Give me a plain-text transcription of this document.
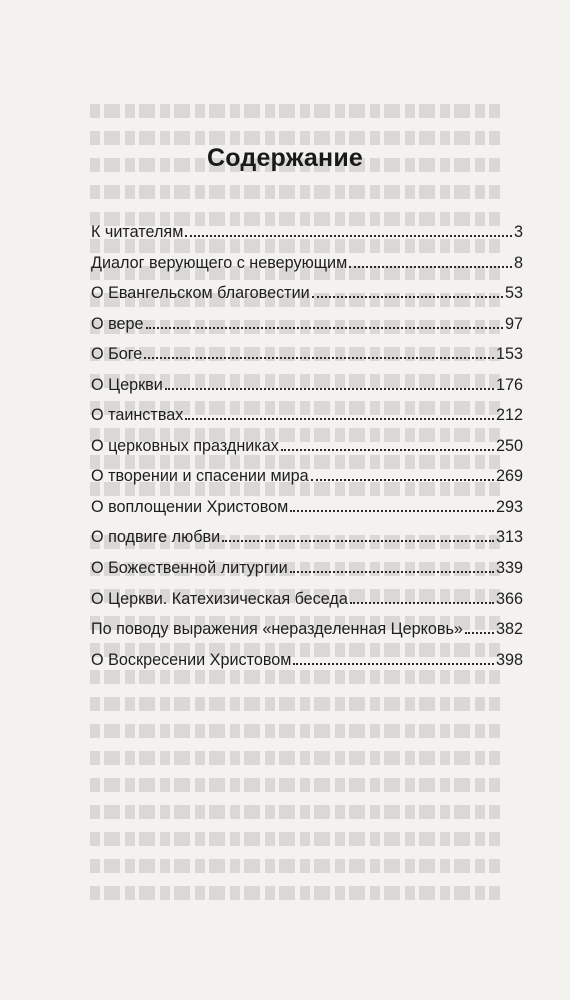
Содержание
К читателям	3
Диалог верующего с неверующим	8
О Евангельском благовестии	53
О вере	97
О Боге	153
О Церкви	176
О таинствах	212
О церковных праздниках	250
О творении и спасении мира	269
О воплощении Христовом	293
О подвиге любви	313
О Божественной литургии	339
О Церкви. Катехизическая беседа	366
По поводу выражения «неразделенная Церковь» 382
О Воскресении Христовом	398
